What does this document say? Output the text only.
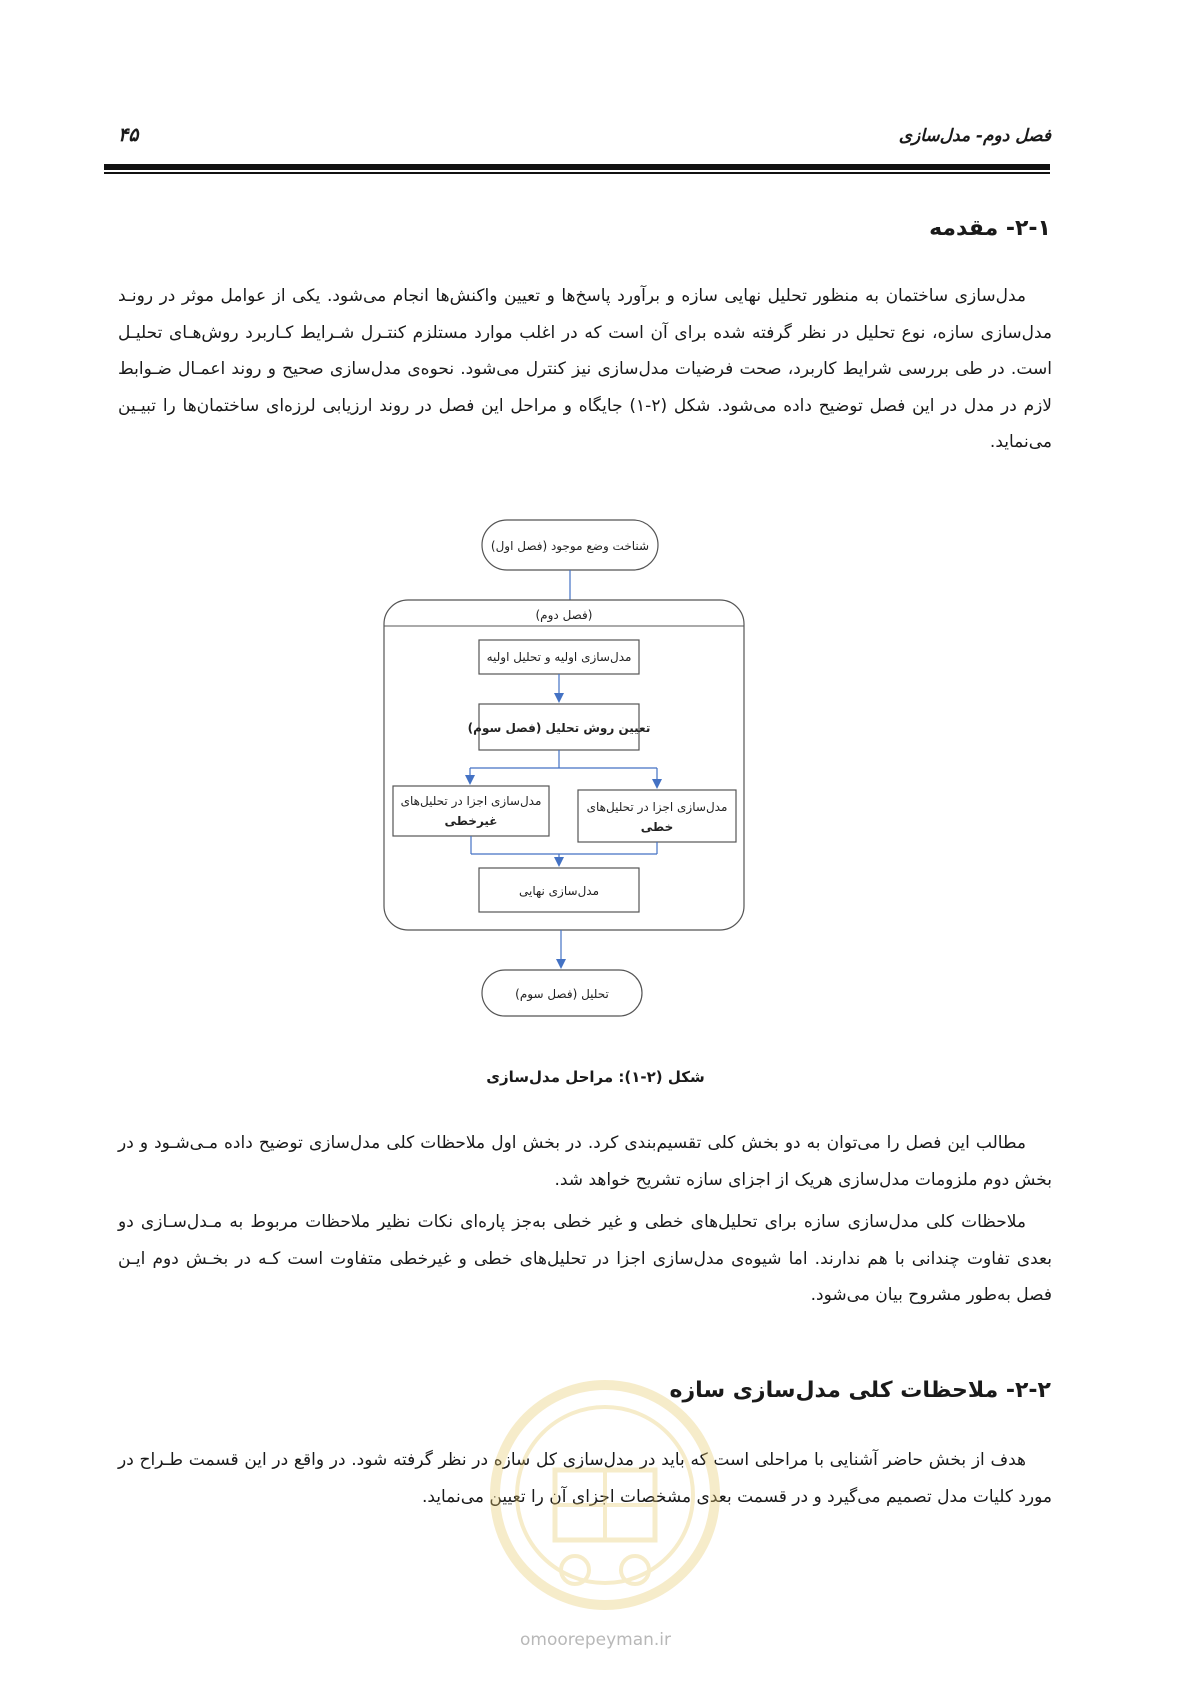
۴۵	فصل دوم- مدل‌سازی
۲-۱- مقدمه
مدل‌سازی ساختمان به منظور تحلیل نهایی سازه و برآورد پاسخ‌ها و تعیین واکنش‌ها انجام می‌شود. یکی از عوامل موثر در رونـد مدل‌سازی سازه، نوع تحلیل در نظر گرفته شده برای آن است که در اغلب موارد مستلزم کنتـرل شـرایط کـاربرد روش‌هـای تحلیـل است. در طی بررسی شرایط کاربرد، صحت فرضیات مدل‌سازی نیز کنترل می‌شود. نحوه‌ی مدل‌سازی صحیح و روند اعمـال ضـوابط لازم در مدل در این فصل توضیح داده می‌شود. شکل (۲-۱) جایگاه و مراحل این فصل در روند ارزیابی لرزه‌ای ساختمان‌ها را تبیـین می‌نماید.
شناخت وضع موجود (فصل اول)
(فصل دوم)
مدل‌سازی اولیه و تحلیل اولیه
تعیین روش تحلیل (فصل سوم)
مدل‌سازی اجزا در تحلیل‌های
غیرخطی
مدل‌سازی اجزا در تحلیل‌های
خطی
مدل‌سازی نهایی
تحلیل (فصل سوم)
شکل (۲-۱): مراحل مدل‌سازی
مطالب این فصل را می‌توان به دو بخش کلی تقسیم‌بندی کرد. در بخش اول ملاحظات کلی مدل‌سازی توضیح داده مـی‌شـود و در بخش دوم ملزومات مدل‌سازی هریک از اجزای سازه تشریح خواهد شد.
ملاحظات کلی مدل‌سازی سازه برای تحلیل‌های خطی و غیر خطی به‌جز پاره‌ای نکات نظیر ملاحظات مربوط به مـدل‌سـازی دو بعدی تفاوت چندانی با هم ندارند. اما شیوه‌ی مدل‌سازی اجزا در تحلیل‌های خطی و غیرخطی متفاوت است کـه در بخـش دوم ایـن فصل به‌طور مشروح بیان می‌شود.
۲-۲- ملاحظات کلی مدل‌سازی سازه
هدف از بخش حاضر آشنایی با مراحلی است که باید در مدل‌سازی کل سازه در نظر گرفته شود. در واقع در این قسمت طـراح در مورد کلیات مدل تصمیم می‌گیرد و در قسمت بعدی مشخصات اجزای آن را تعیین می‌نماید.
omoorepeyman.ir
